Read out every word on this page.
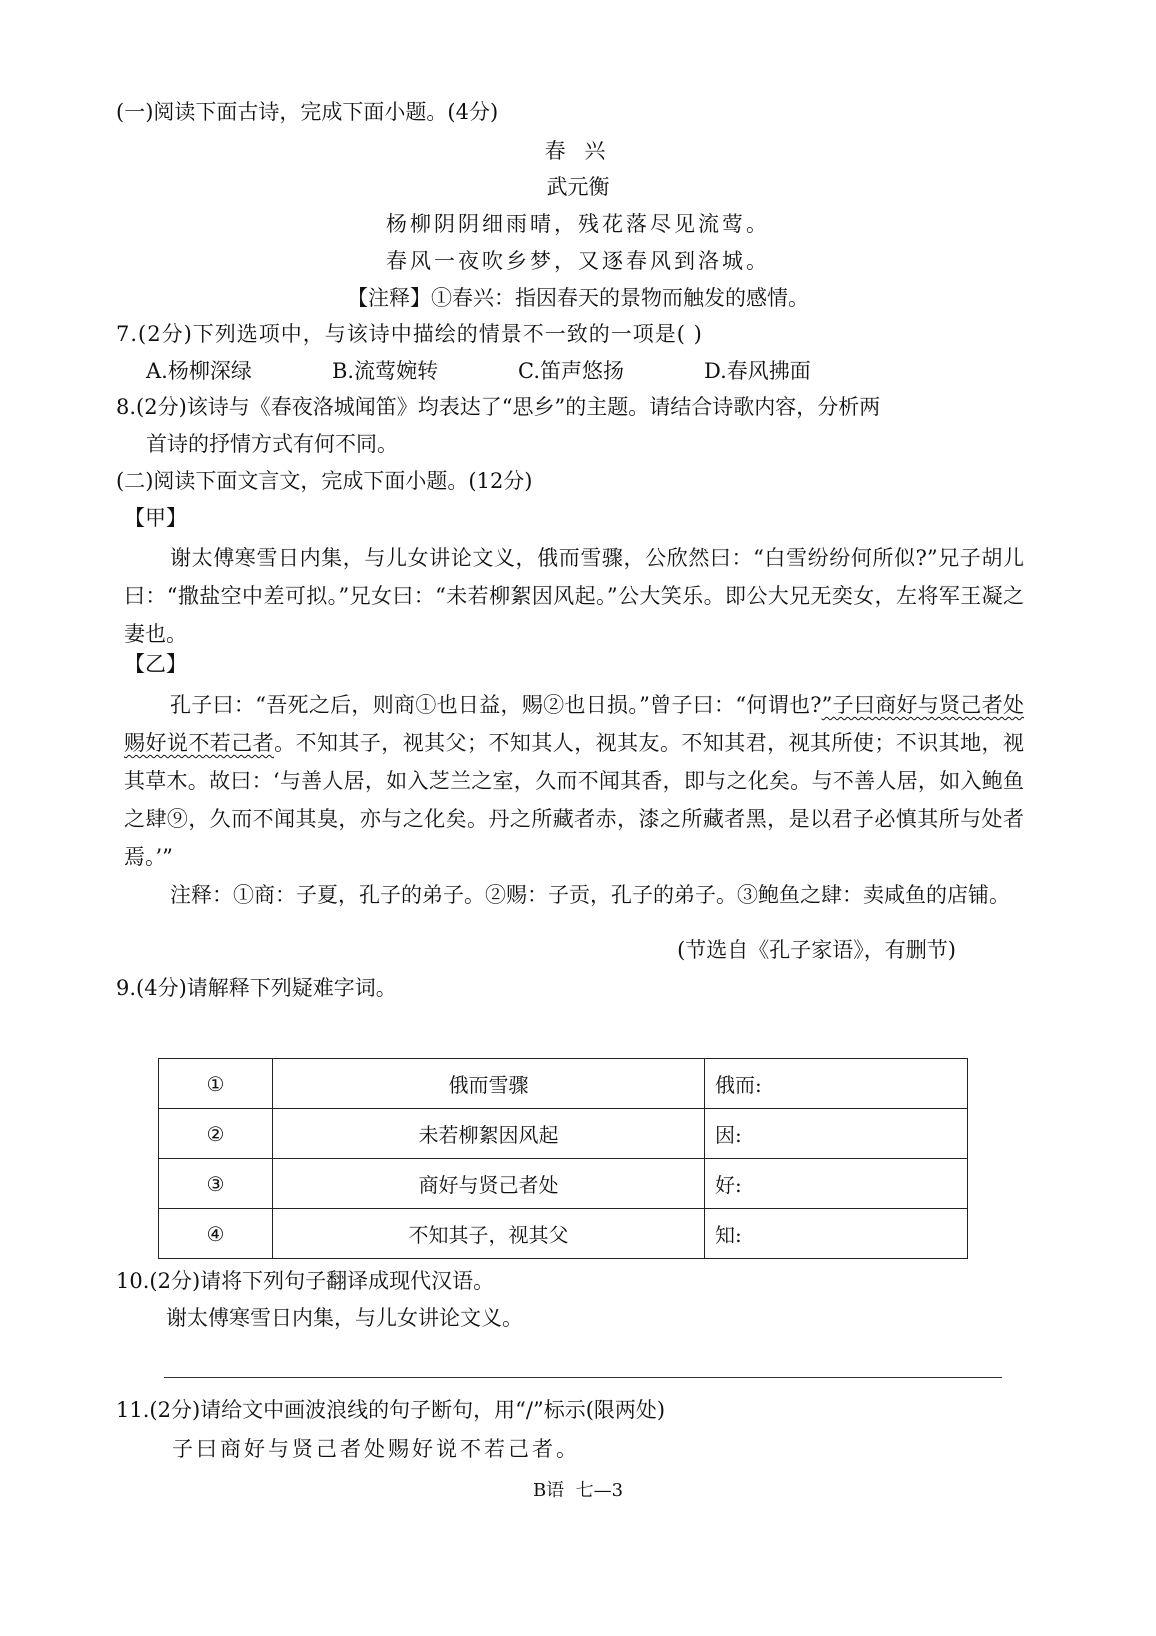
(一)阅读下面古诗，完成下面小题。(4分)
春 兴
武元衡
杨柳阴阴细雨晴，残花落尽见流莺。
春风一夜吹乡梦，又逐春风到洛城。
【注释】①春兴：指因春天的景物而触发的感情。
7.(2分)下列选项中，与该诗中描绘的情景不一致的一项是( )
A.杨柳深绿	B.流莺婉转	C.笛声悠扬	D.春风拂面
8.(2分)该诗与《春夜洛城闻笛》均表达了“思乡”的主题。请结合诗歌内容，分析两
首诗的抒情方式有何不同。
(二)阅读下面文言文，完成下面小题。(12分)
【甲】

谢太傅寒雪日内集，与儿女讲论文义，俄而雪骤，公欣然曰：“白雪纷纷何所似?”兄子胡儿曰：“撒盐空中差可拟。”兄女曰：“未若柳絮因风起。”公大笑乐。即公大兄无奕女，左将军王凝之妻也。

【乙】

孔子曰：“吾死之后，则商①也日益，赐②也日损。”曾子曰：“何谓也?”子曰商好与贤己者处赐好说不若己者。不知其子，视其父；不知其人，视其友。不知其君，视其所使；不识其地，视其草木。故曰：‘与善人居，如入芝兰之室，久而不闻其香，即与之化矣。与不善人居，如入鲍鱼之肆⑨，久而不闻其臭，亦与之化矣。丹之所藏者赤，漆之所藏者黑，是以君子必慎其所与处者焉。’”

注释：①商：子夏，孔子的弟子。②赐：子贡，孔子的弟子。③鲍鱼之肆：卖咸鱼的店铺。

(节选自《孔子家语》，有删节)
9.(4分)请解释下列疑难字词。
①	俄而雪骤	俄而:
②	未若柳絮因风起	因:
③	商好与贤己者处	好:
④	不知其子，视其父	知:
10.(2分)请将下列句子翻译成现代汉语。
谢太傅寒雪日内集，与儿女讲论文义。
11.(2分)请给文中画波浪线的句子断句，用“/”标示(限两处)
子曰商好与贤己者处赐好说不若己者。
B语  七—3
